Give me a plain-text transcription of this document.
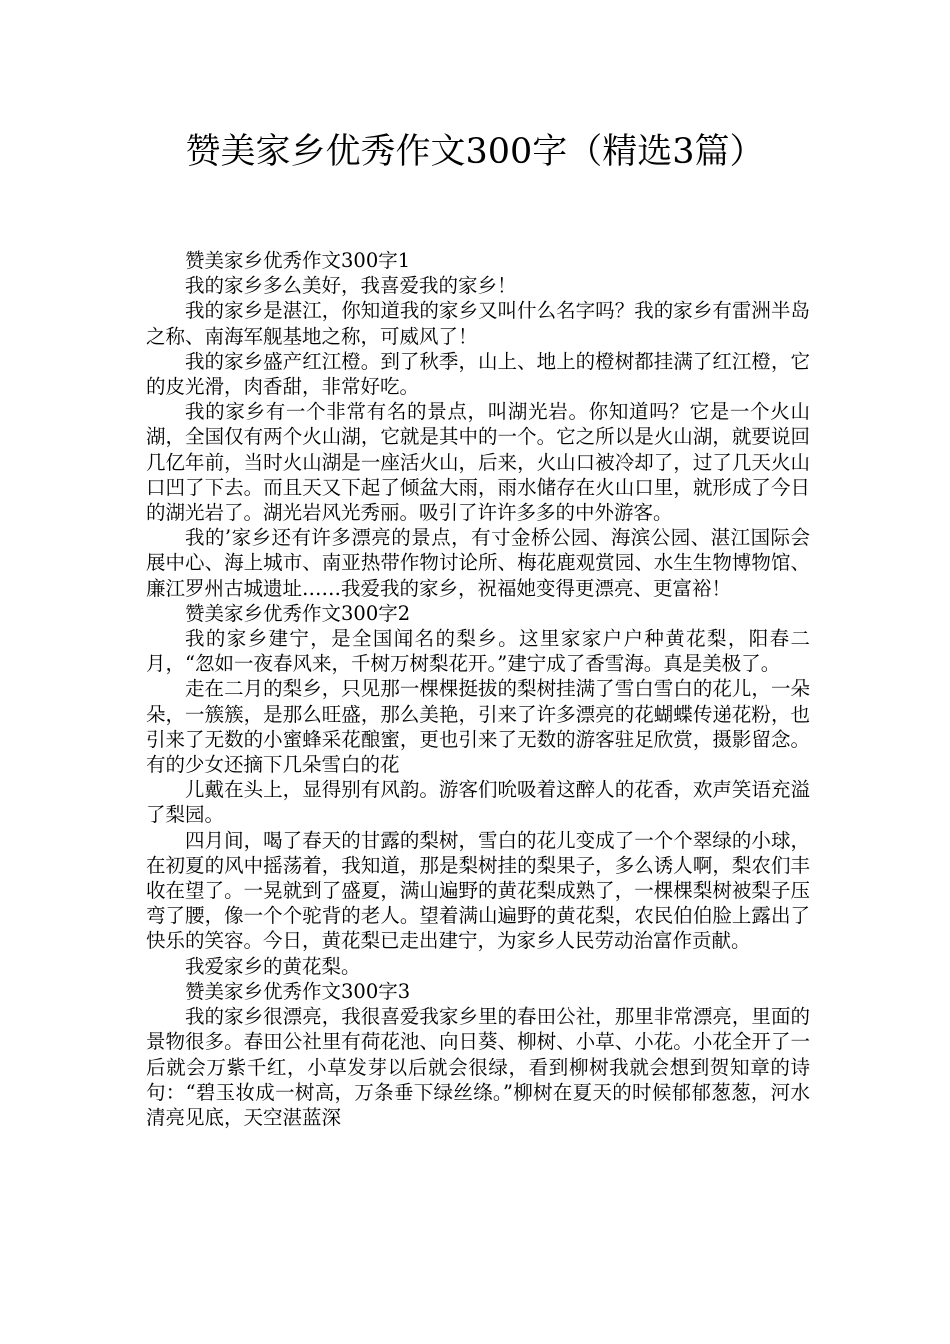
赞美家乡优秀作文300字（精选3篇）

赞美家乡优秀作文300字1

我的家乡多么美好，我喜爱我的家乡！

我的家乡是湛江，你知道我的家乡又叫什么名字吗？我的家乡有雷洲半岛之称、南海军舰基地之称，可威风了！

我的家乡盛产红江橙。到了秋季，山上、地上的橙树都挂满了红江橙，它的皮光滑，肉香甜，非常好吃。

我的家乡有一个非常有名的景点，叫湖光岩。你知道吗？它是一个火山湖，全国仅有两个火山湖，它就是其中的一个。它之所以是火山湖，就要说回几亿年前，当时火山湖是一座活火山，后来，火山口被冷却了，过了几天火山口凹了下去。而且天又下起了倾盆大雨，雨水储存在火山口里，就形成了今日的湖光岩了。湖光岩风光秀丽。吸引了许许多多的中外游客。

我的’家乡还有许多漂亮的景点，有寸金桥公园、海滨公园、湛江国际会展中心、海上城市、南亚热带作物讨论所、梅花鹿观赏园、水生生物博物馆、廉江罗州古城遗址……我爱我的家乡，祝福她变得更漂亮、更富裕！

赞美家乡优秀作文300字2

我的家乡建宁，是全国闻名的梨乡。这里家家户户种黄花梨，阳春二月，“忽如一夜春风来，千树万树梨花开。”建宁成了香雪海。真是美极了。

走在二月的梨乡，只见那一棵棵挺拔的梨树挂满了雪白雪白的花儿，一朵朵，一簇簇，是那么旺盛，那么美艳，引来了许多漂亮的花蝴蝶传递花粉，也引来了无数的小蜜蜂采花酿蜜，更也引来了无数的游客驻足欣赏，摄影留念。有的少女还摘下几朵雪白的花

儿戴在头上，显得别有风韵。游客们吮吸着这醉人的花香，欢声笑语充溢了梨园。

四月间，喝了春天的甘露的梨树，雪白的花儿变成了一个个翠绿的小球，在初夏的风中摇荡着，我知道，那是梨树挂的梨果子，多么诱人啊，梨农们丰收在望了。一晃就到了盛夏，满山遍野的黄花梨成熟了，一棵棵梨树被梨子压弯了腰，像一个个驼背的老人。望着满山遍野的黄花梨，农民伯伯脸上露出了快乐的笑容。今日，黄花梨已走出建宁，为家乡人民劳动治富作贡献。

我爱家乡的黄花梨。

赞美家乡优秀作文300字3

我的家乡很漂亮，我很喜爱我家乡里的春田公社，那里非常漂亮，里面的景物很多。春田公社里有荷花池、向日葵、柳树、小草、小花。小花全开了一后就会万紫千红，小草发芽以后就会很绿，看到柳树我就会想到贺知章的诗句：“碧玉妆成一树高，万条垂下绿丝绦。”柳树在夏天的时候郁郁葱葱，河水清亮见底，天空湛蓝深
